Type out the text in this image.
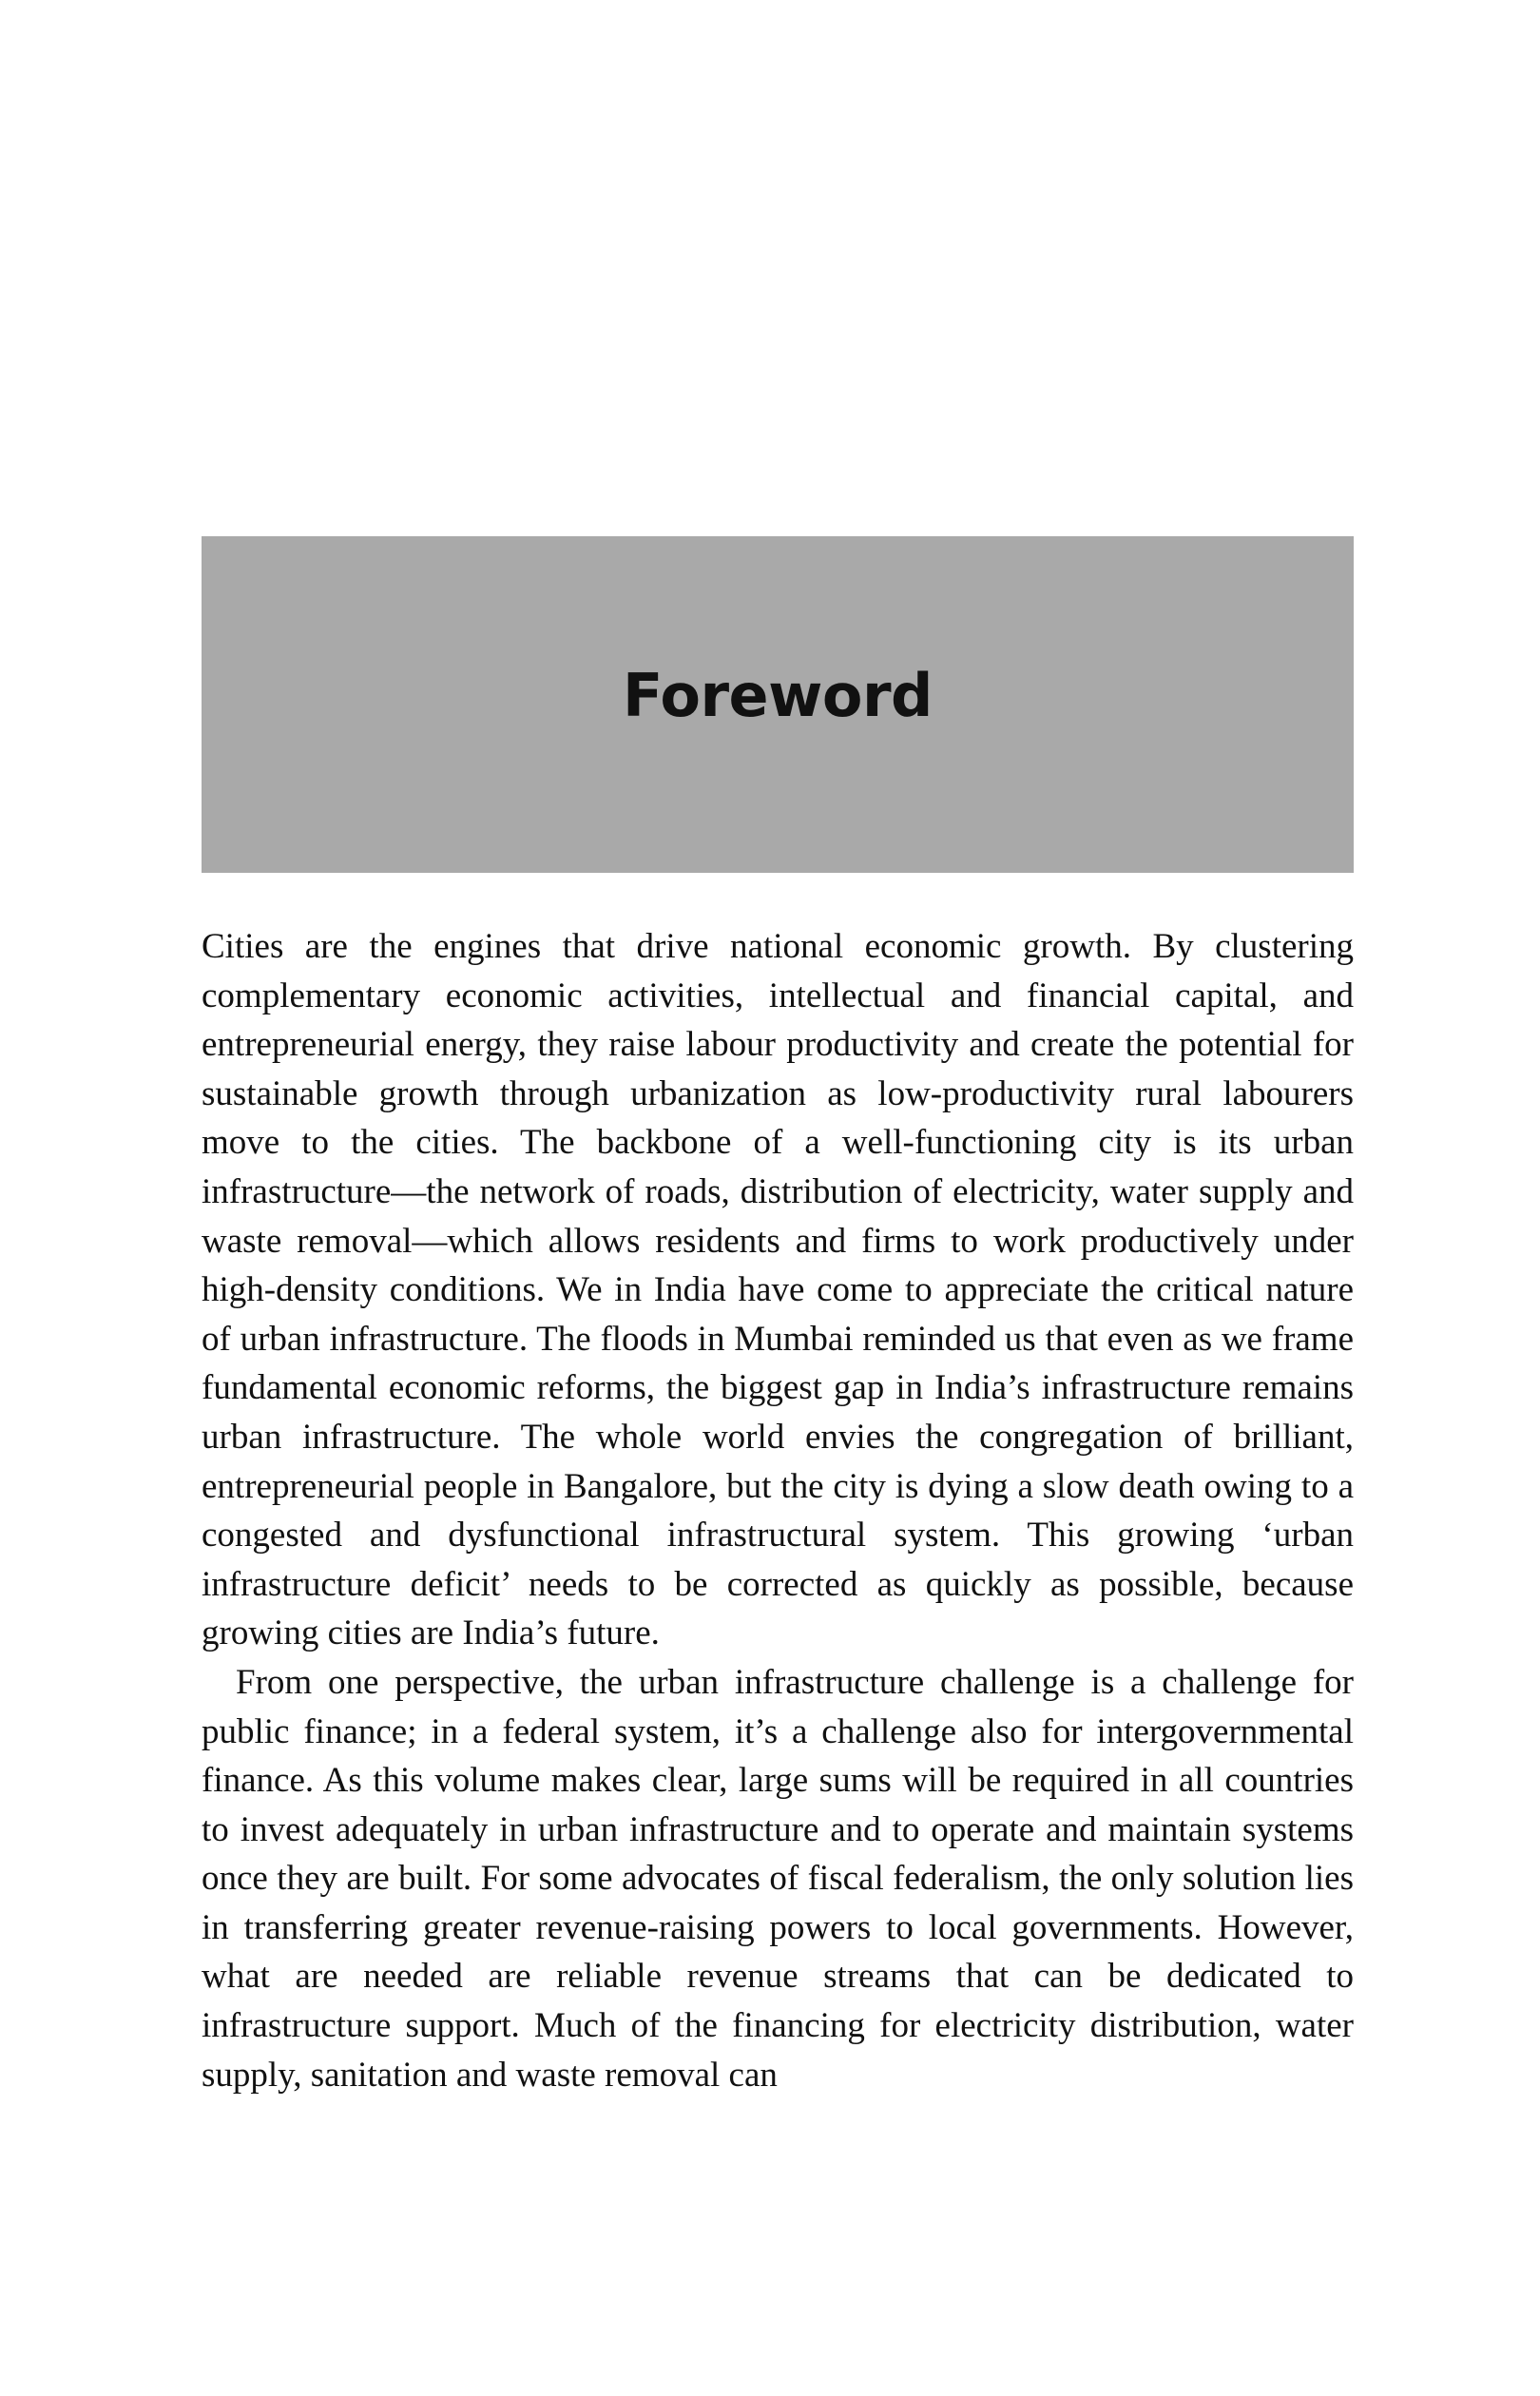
Foreword

Cities are the engines that drive national economic growth. By clustering complementary economic activities, intellectual and financial capital, and entrepreneurial energy, they raise labour productivity and create the potential for sustainable growth through urbanization as low-productivity rural labourers move to the cities. The backbone of a well-functioning city is its urban infrastructure—the network of roads, distribution of electricity, water supply and waste removal—which allows residents and firms to work productively under high-density conditions. We in India have come to appreciate the critical nature of urban infrastructure. The floods in Mumbai reminded us that even as we frame fundamental economic reforms, the biggest gap in India’s infrastructure remains urban infrastructure. The whole world envies the congregation of brilliant, entrepreneurial people in Bangalore, but the city is dying a slow death owing to a congested and dysfunctional infrastructural system. This growing ‘urban infrastructure deficit’ needs to be corrected as quickly as possible, because growing cities are India’s future.

From one perspective, the urban infrastructure challenge is a challenge for public finance; in a federal system, it’s a challenge also for intergovernmental finance. As this volume makes clear, large sums will be required in all countries to invest adequately in urban infrastructure and to operate and maintain systems once they are built. For some advocates of fiscal federalism, the only solution lies in transferring greater revenue-raising powers to local governments. However, what are needed are reliable revenue streams that can be dedicated to infrastructure support. Much of the financing for electricity distribution, water supply, sanitation and waste removal can
